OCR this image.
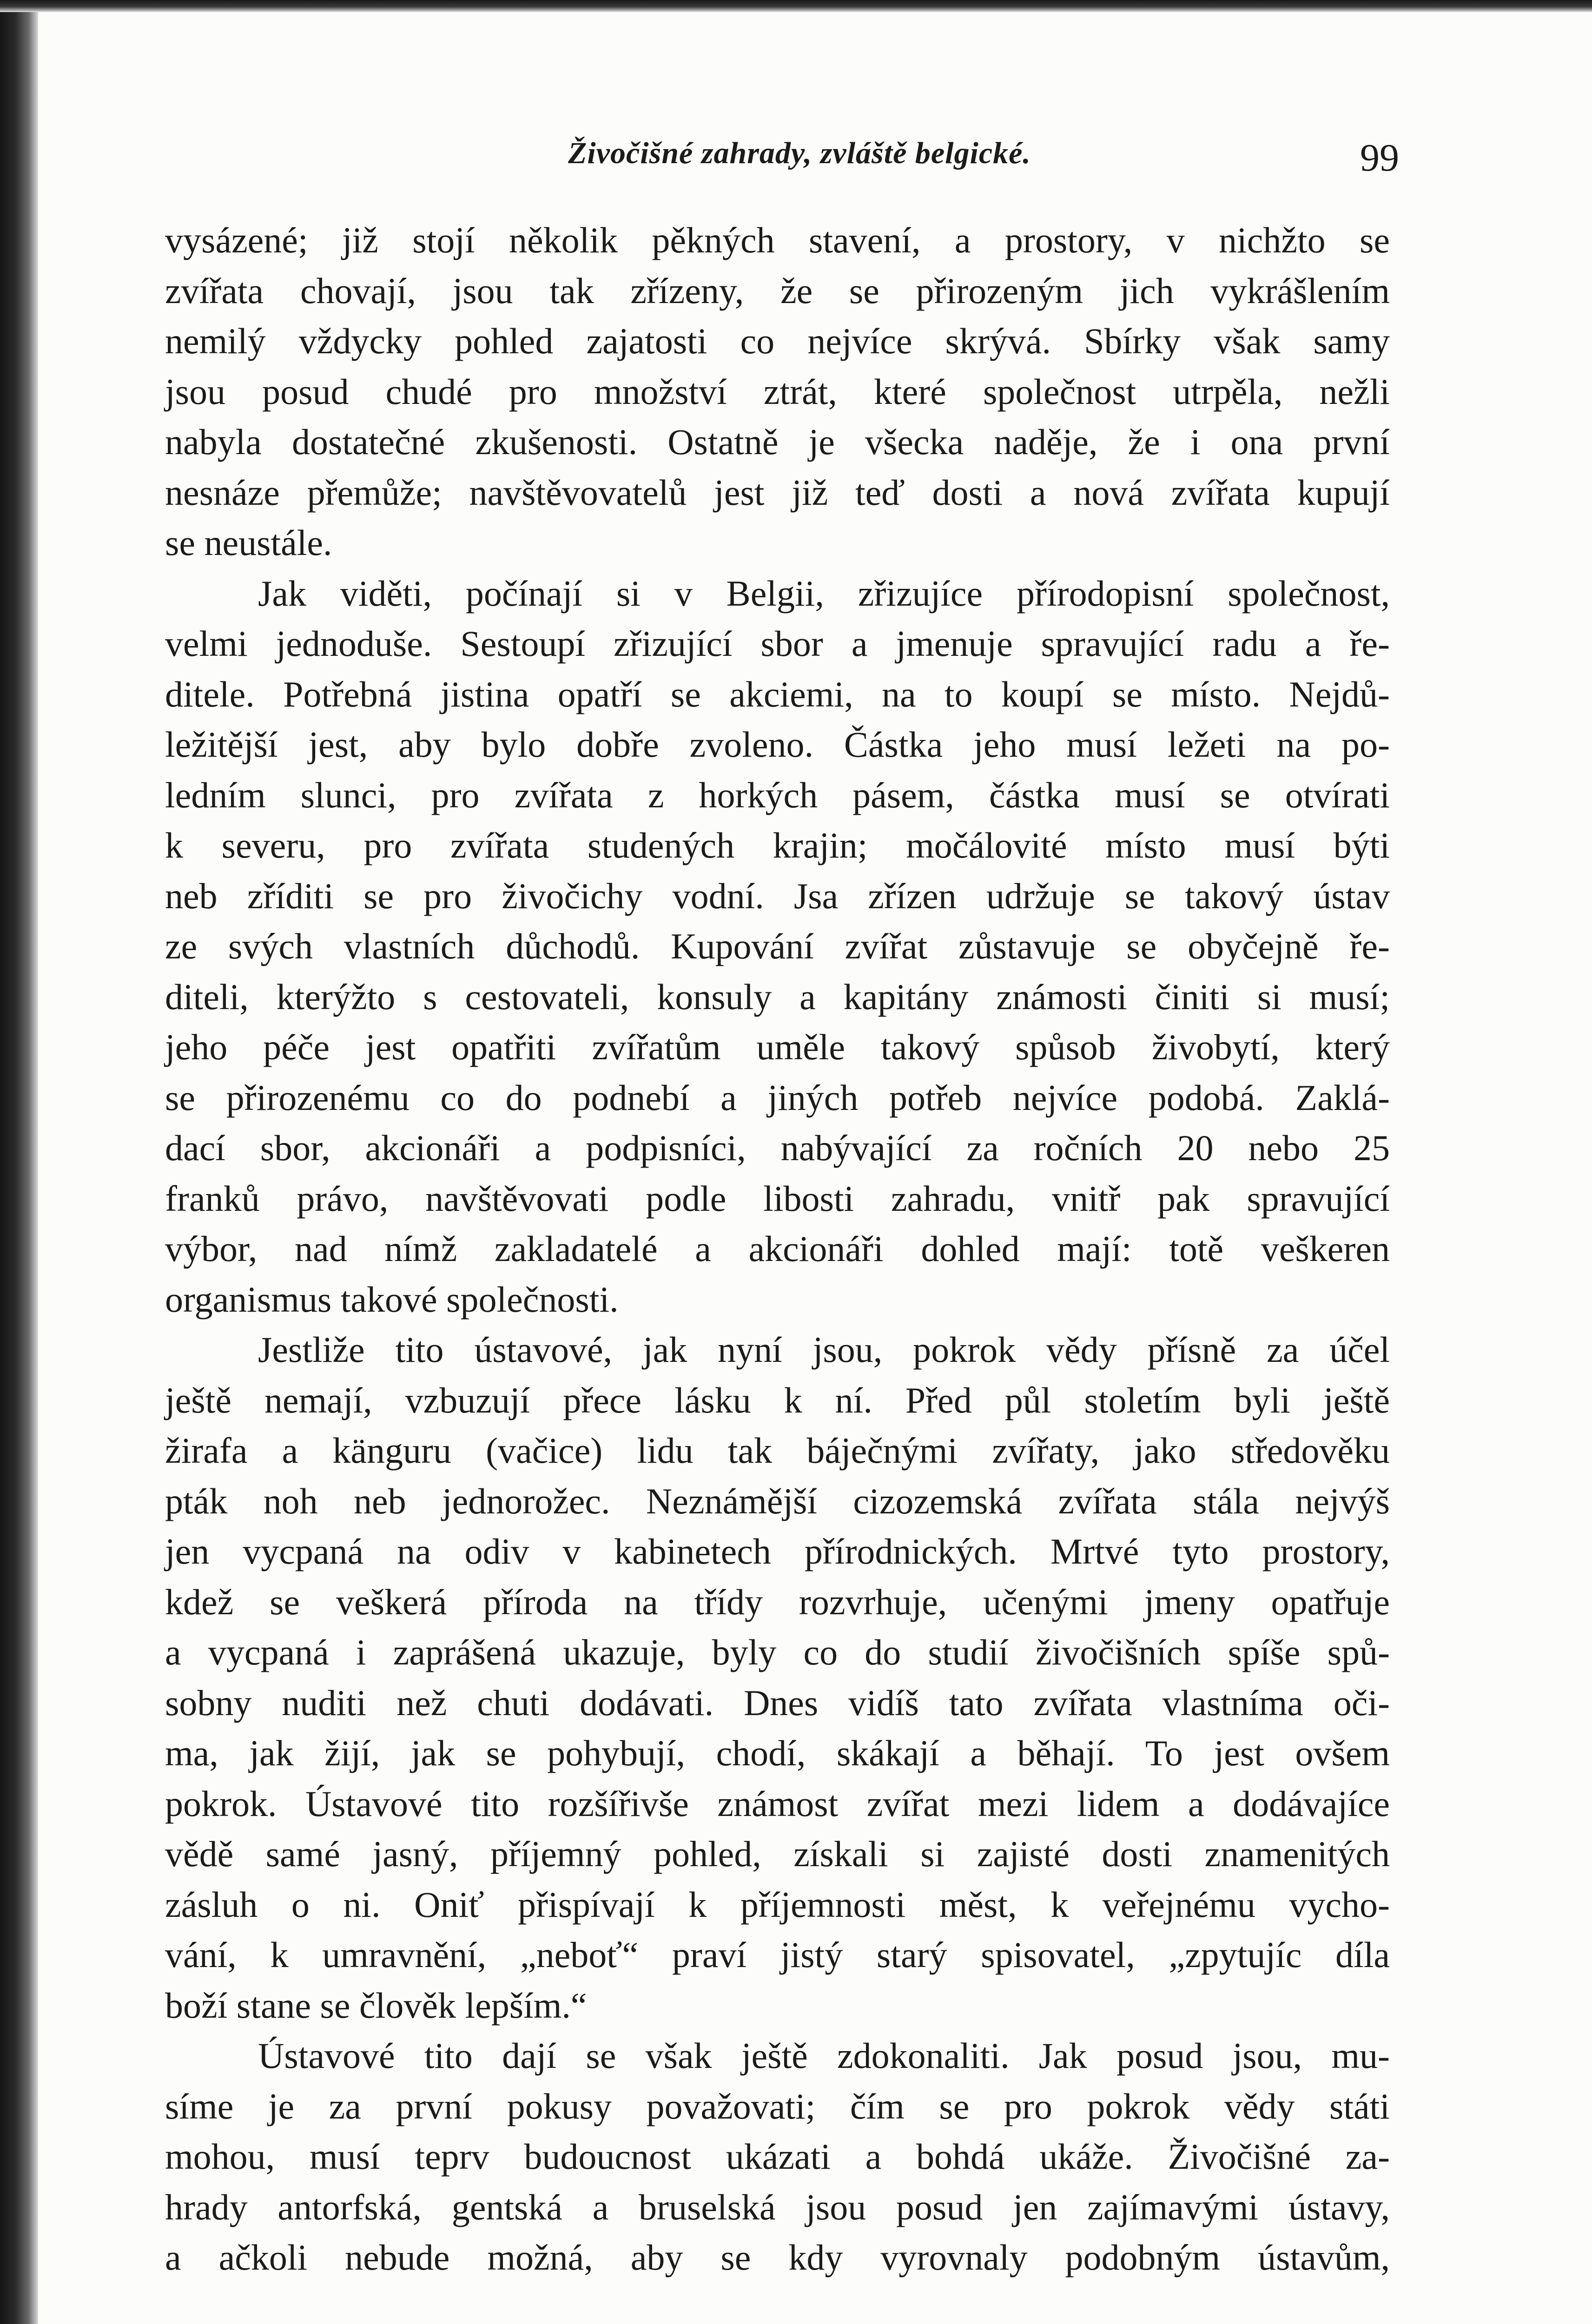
Živočišné zahrady, zvláště belgické.	99
vysázené; již stojí několik pěkných stavení, a prostory, v nichžto se
zvířata chovají, jsou tak zřízeny, že se přirozeným jich vykrášlením
nemilý vždycky pohled zajatosti co nejvíce skrývá. Sbírky však samy
jsou posud chudé pro množství ztrát, které společnost utrpěla, nežli
nabyla dostatečné zkušenosti. Ostatně je všecka naděje, že i ona první
nesnáze přemůže; navštěvovatelů jest již teď dosti a nová zvířata kupují
se neustále.
Jak viděti, počínají si v Belgii, zřizujíce přírodopisní společnost,
velmi jednoduše. Sestoupí zřizující sbor a jmenuje spravující radu a ře-
ditele. Potřebná jistina opatří se akciemi, na to koupí se místo. Nejdů-
ležitější jest, aby bylo dobře zvoleno. Částka jeho musí ležeti na po-
ledním slunci, pro zvířata z horkých pásem, částka musí se otvírati
k severu, pro zvířata studených krajin; močálovité místo musí býti
neb zříditi se pro živočichy vodní. Jsa zřízen udržuje se takový ústav
ze svých vlastních důchodů. Kupování zvířat zůstavuje se obyčejně ře-
diteli, kterýžto s cestovateli, konsuly a kapitány známosti činiti si musí;
jeho péče jest opatřiti zvířatům uměle takový spůsob živobytí, který
se přirozenému co do podnebí a jiných potřeb nejvíce podobá. Zaklá-
dací sbor, akcionáři a podpisníci, nabývající za ročních 20 nebo 25
franků právo, navštěvovati podle libosti zahradu, vnitř pak spravující
výbor, nad nímž zakladatelé a akcionáři dohled mají: totě veškeren
organismus takové společnosti.
Jestliže tito ústavové, jak nyní jsou, pokrok vědy přísně za účel
ještě nemají, vzbuzují přece lásku k ní. Před půl stoletím byli ještě
žirafa a känguru (vačice) lidu tak báječnými zvířaty, jako středověku
pták noh neb jednorožec. Neznámější cizozemská zvířata stála nejvýš
jen vycpaná na odiv v kabinetech přírodnických. Mrtvé tyto prostory,
kdež se veškerá příroda na třídy rozvrhuje, učenými jmeny opatřuje
a vycpaná i zaprášená ukazuje, byly co do studií živočišních spíše spů-
sobny nuditi než chuti dodávati. Dnes vidíš tato zvířata vlastníma oči-
ma, jak žijí, jak se pohybují, chodí, skákají a běhají. To jest ovšem
pokrok. Ústavové tito rozšířivše známost zvířat mezi lidem a dodávajíce
vědě samé jasný, příjemný pohled, získali si zajisté dosti znamenitých
zásluh o ni. Oniť přispívají k příjemnosti měst, k veřejnému vycho-
vání, k umravnění, „neboť“ praví jistý starý spisovatel, „zpytujíc díla
boží stane se člověk lepším.“
Ústavové tito dají se však ještě zdokonaliti. Jak posud jsou, mu-
síme je za první pokusy považovati; čím se pro pokrok vědy státi
mohou, musí teprv budoucnost ukázati a bohdá ukáže. Živočišné za-
hrady antorfská, gentská a bruselská jsou posud jen zajímavými ústavy,
a ačkoli nebude možná, aby se kdy vyrovnaly podobným ústavům,
